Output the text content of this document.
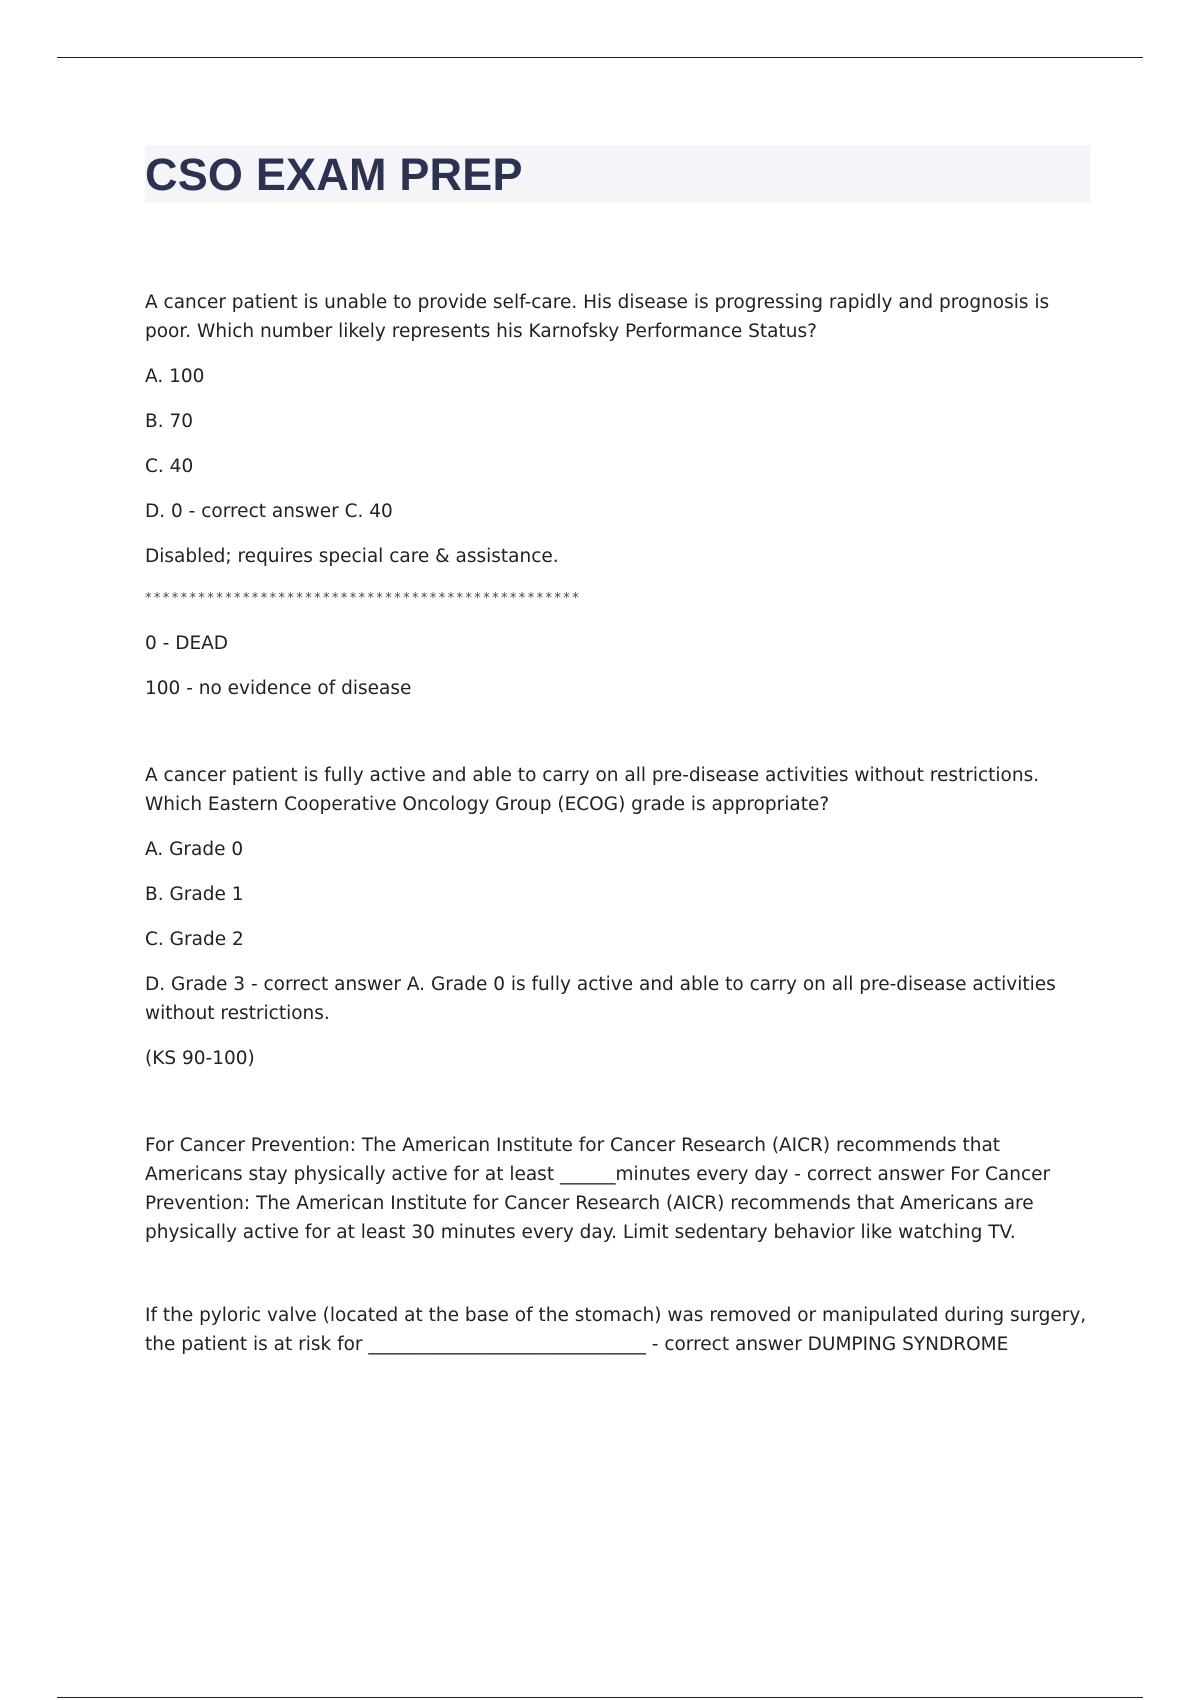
CSO EXAM PREP

A cancer patient is unable to provide self-care. His disease is progressing rapidly and prognosis is poor. Which number likely represents his Karnofsky Performance Status?

A. 100

B. 70

C. 40

D. 0 - correct answer C. 40

Disabled; requires special care & assistance.

*************************************************

0 - DEAD

100 - no evidence of disease

A cancer patient is fully active and able to carry on all pre-disease activities without restrictions. Which Eastern Cooperative Oncology Group (ECOG) grade is appropriate?

A. Grade 0

B. Grade 1

C. Grade 2

D. Grade 3 - correct answer A. Grade 0 is fully active and able to carry on all pre-disease activities without restrictions.

(KS 90-100)

For Cancer Prevention: The American Institute for Cancer Research (AICR) recommends that Americans stay physically active for at least ______minutes every day - correct answer For Cancer Prevention: The American Institute for Cancer Research (AICR) recommends that Americans are physically active for at least 30 minutes every day. Limit sedentary behavior like watching TV.

If the pyloric valve (located at the base of the stomach) was removed or manipulated during surgery, the patient is at risk for ______________________________ - correct answer DUMPING SYNDROME
